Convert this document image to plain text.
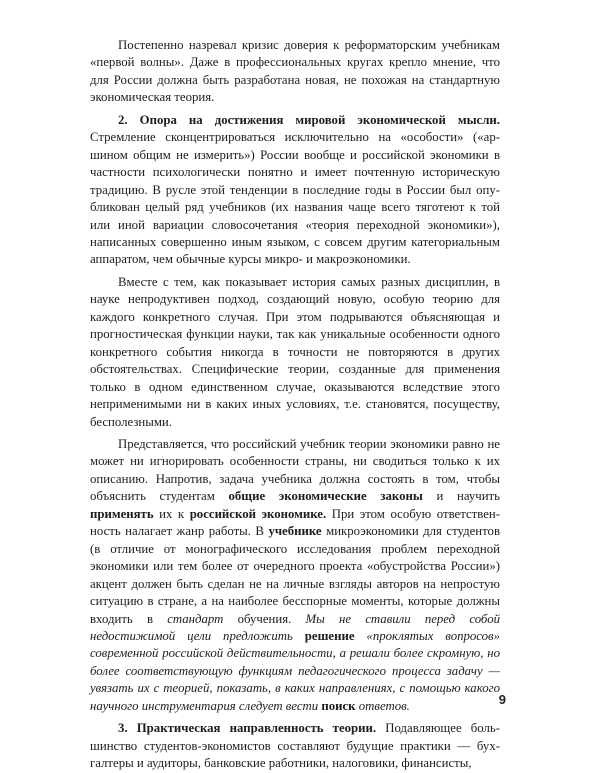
Постепенно назревал кризис доверия к реформаторским учебникам «первой волны». Даже в профессиональных кругах крепло мнение, что для России должна быть разработана новая, не похожая на стандартную экономическая теория.

2. Опора на достижения мировой экономической мысли. Стремление сконцентрироваться исключительно на «особости» («аршином общим не измерить») России вообще и российской экономики в частности психологически понятно и имеет почтенную историческую традицию. В русле этой тенденции в последние годы в России был опубликован целый ряд учебников (их названия чаще всего тяготеют к той или иной вариации словосочетания «теория переходной экономики»), написанных совершенно иным языком, с совсем другим категориальным аппаратом, чем обычные курсы микро- и макроэкономики.

Вместе с тем, как показывает история самых разных дисциплин, в науке непродуктивен подход, создающий новую, особую теорию для каждого конкретного случая. При этом подрываются объясняющая и прогностическая функции науки, так как уникальные особенности одного конкретного события никогда в точности не повторяются в других обстоятельствах. Специфические теории, созданные для применения только в одном единственном случае, оказываются вследствие этого неприменимыми ни в каких иных условиях, т.е. становятся, посуществу, бесполезными.

Представляется, что российский учебник теории экономики равно не может ни игнорировать особенности страны, ни сводиться только к их описанию. Напротив, задача учебника должна состоять в том, чтобы объяснить студентам общие экономические законы и научить применять их к российской экономике. При этом особую ответственность налагает жанр работы. В учебнике микроэкономики для студентов (в отличие от монографического исследования проблем переходной экономики или тем более от очередного проекта «обустройства России») акцент должен быть сделан не на личные взгляды авторов на непростую ситуацию в стране, а на наиболее бесспорные моменты, которые должны входить в стандарт обучения. Мы не ставили перед собой недостижимой цели предложить решение «проклятых вопросов» современной российской действительности, а решали более скромную, но более соответствующую функциям педагогического процесса задачу — увязать их с теорией, показать, в каких направлениях, с помощью какого научного инструментария следует вести поиск ответов.

3. Практическая направленность теории. Подавляющее большинство студентов-экономистов составляют будущие практики — бухгалтеры и аудиторы, банковские работники, налоговики, финансисты,

9
